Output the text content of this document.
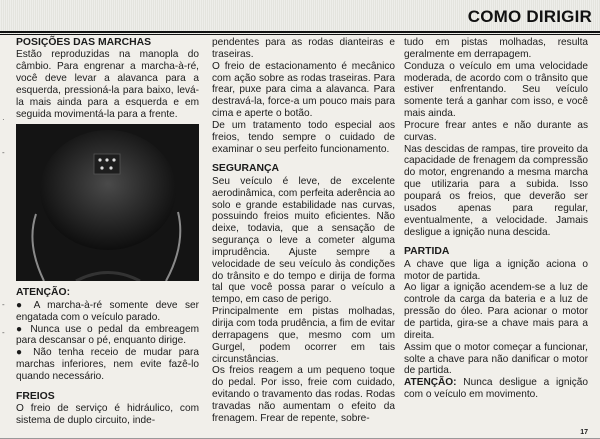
COMO DIRIGIR
·
-
-
-

POSIÇÕES DAS MARCHAS

Estão reproduzidas na manopla do câmbio. Para engrenar a marcha-à-ré, você deve levar a alavanca para a esquerda, pressioná-la para baixo, levá-la mais ainda para a esquerda e em seguida movimentá-la para a frente.

ATENÇÃO:

● A marcha-à-ré somente deve ser engatada com o veículo parado.

● Nunca use o pedal da embreagem para descansar o pé, enquanto dirige.

● Não tenha receio de mudar para marchas inferiores, nem evite fazê-lo quando necessário.

FREIOS

O freio de serviço é hidráulico, com sistema de duplo circuito, inde-

pendentes para as rodas dianteiras e traseiras.

O freio de estacionamento é mecânico com ação sobre as rodas traseiras. Para frear, puxe para cima a alavanca. Para destravá-la, force-a um pouco mais para cima e aperte o botão.

De um tratamento todo especial aos freios, tendo sempre o cuidado de examinar o seu perfeito funcionamento.

SEGURANÇA

Seu veículo é leve, de excelente aerodinâmica, com perfeita aderência ao solo e grande estabilidade nas curvas, possuindo freios muito eficientes. Não deixe, todavia, que a sensação de segurança o leve a cometer alguma imprudência. Ajuste sempre a velocidade de seu veículo às condições do trânsito e do tempo e dirija de forma tal que você possa parar o veículo a tempo, em caso de perigo.

Principalmente em pistas molhadas, dirija com toda prudência, a fim de evitar derrapagens que, mesmo com um Gurgel, podem ocorrer em tais circunstâncias.

Os freios reagem a um pequeno toque do pedal. Por isso, freie com cuidado, evitando o travamento das rodas. Rodas travadas não aumentam o efeito da frenagem. Frear de repente, sobre-

tudo em pistas molhadas, resulta geralmente em derrapagem.

Conduza o veículo em uma velocidade moderada, de acordo com o trânsito que estiver enfrentando. Seu veículo somente terá a ganhar com isso, e você mais ainda.

Procure frear antes e não durante as curvas.

Nas descidas de rampas, tire proveito da capacidade de frenagem da compressão do motor, engrenando a mesma marcha que utilizaria para a subida. Isso poupará os freios, que deverão ser usados apenas para regular, eventualmente, a velocidade. Jamais desligue a ignição nuna descida.

PARTIDA

A chave que liga a ignição aciona o motor de partida.

Ao ligar a ignição acendem-se a luz de controle da carga da bateria e a luz de pressão do óleo. Para acionar o motor de partida, gira-se a chave mais para a direita.

Assim que o motor começar a funcionar, solte a chave para não danificar o motor de partida.

ATENÇÃO: Nunca desligue a ignição com o veículo em movimento.

17
